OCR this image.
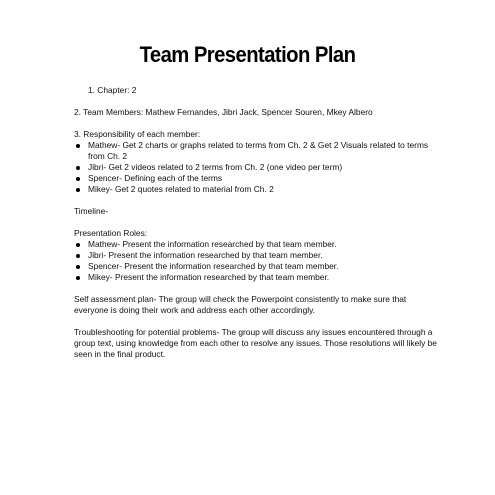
Team Presentation Plan
1. Chapter: 2
2. Team Members: Mathew Fernandes, Jibri Jack, Spencer Souren, Mkey Albero
3. Responsibility of each member:
Mathew- Get 2 charts or graphs related to terms from Ch. 2 & Get 2 Visuals related to terms from Ch. 2
Jibri- Get 2 videos related to 2 terms from Ch. 2 (one video per term)
Spencer- Defining each of the terms
Mikey- Get 2 quotes related to material from Ch. 2
Timeline-
Presentation Roles:
Mathew- Present the information researched by that team member.
Jibri- Present the information researched by that team member.
Spencer- Present the information researched by that team member.
Mikey- Present the information researched by that team member.
Self assessment plan- The group will check the Powerpoint consistently to make sure that everyone is doing their work and address each other accordingly.
Troubleshooting for potential problems- The group will discuss any issues encountered through a group text, using knowledge from each other to resolve any issues. Those resolutions will likely be seen in the final product.
